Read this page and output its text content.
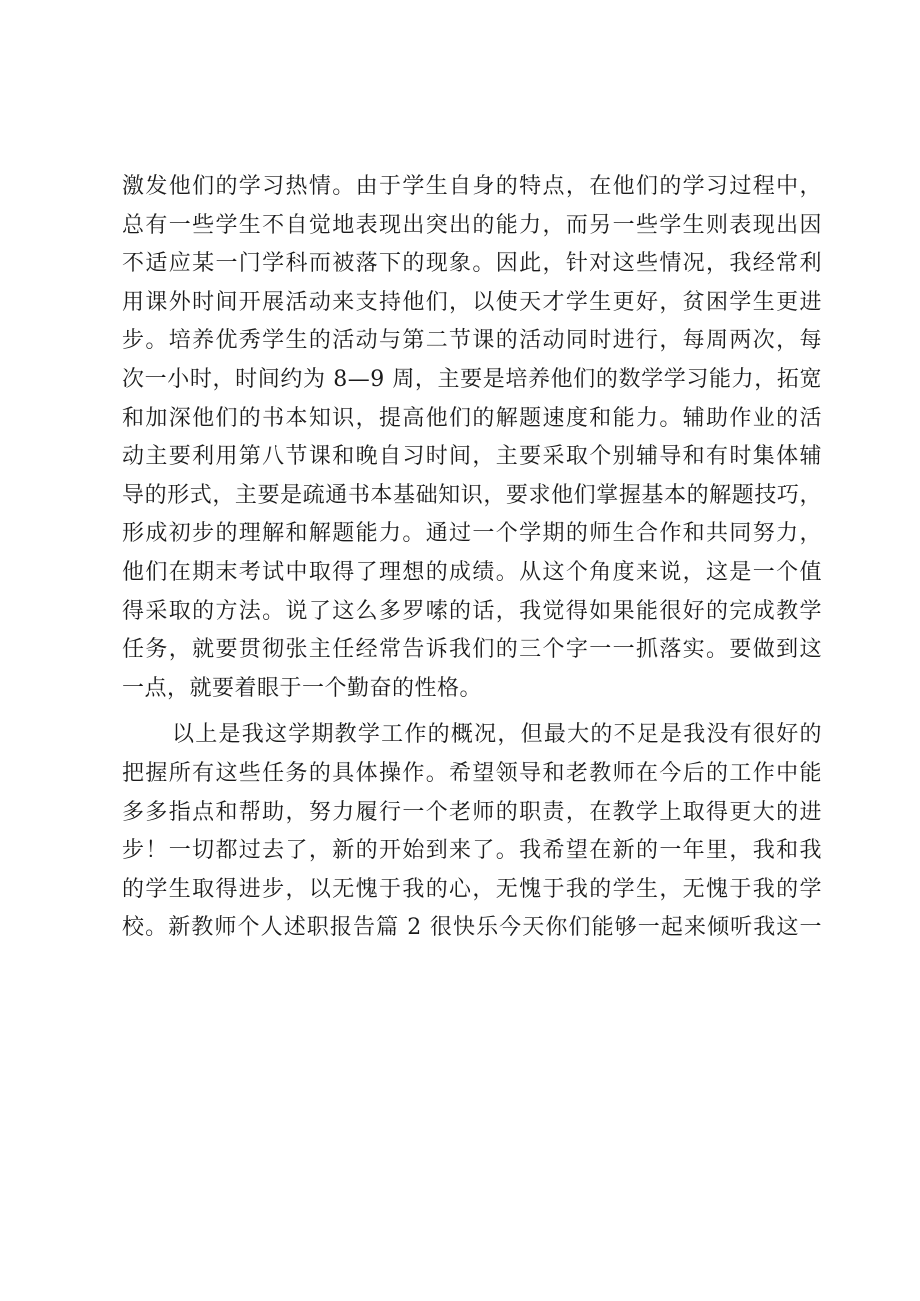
激发他们的学习热情。由于学生自身的特点，在他们的学习过程中，
总有一些学生不自觉地表现出突出的能力，而另一些学生则表现出因
不适应某一门学科而被落下的现象。因此，针对这些情况，我经常利
用课外时间开展活动来支持他们，以使天才学生更好，贫困学生更进
步。培养优秀学生的活动与第二节课的活动同时进行，每周两次，每
次一小时，时间约为 8—9 周，主要是培养他们的数学学习能力，拓宽
和加深他们的书本知识，提高他们的解题速度和能力。辅助作业的活
动主要利用第八节课和晚自习时间，主要采取个别辅导和有时集体辅
导的形式，主要是疏通书本基础知识，要求他们掌握基本的解题技巧，
形成初步的理解和解题能力。通过一个学期的师生合作和共同努力，
他们在期末考试中取得了理想的成绩。从这个角度来说，这是一个值
得采取的方法。说了这么多罗嗦的话，我觉得如果能很好的完成教学
任务，就要贯彻张主任经常告诉我们的三个字一一抓落实。要做到这
一点，就要着眼于一个勤奋的性格。
以上是我这学期教学工作的概况，但最大的不足是我没有很好的
把握所有这些任务的具体操作。希望领导和老教师在今后的工作中能
多多指点和帮助，努力履行一个老师的职责，在教学上取得更大的进
步！一切都过去了，新的开始到来了。我希望在新的一年里，我和我
的学生取得进步，以无愧于我的心，无愧于我的学生，无愧于我的学
校。新教师个人述职报告篇 2 很快乐今天你们能够一起来倾听我这一
